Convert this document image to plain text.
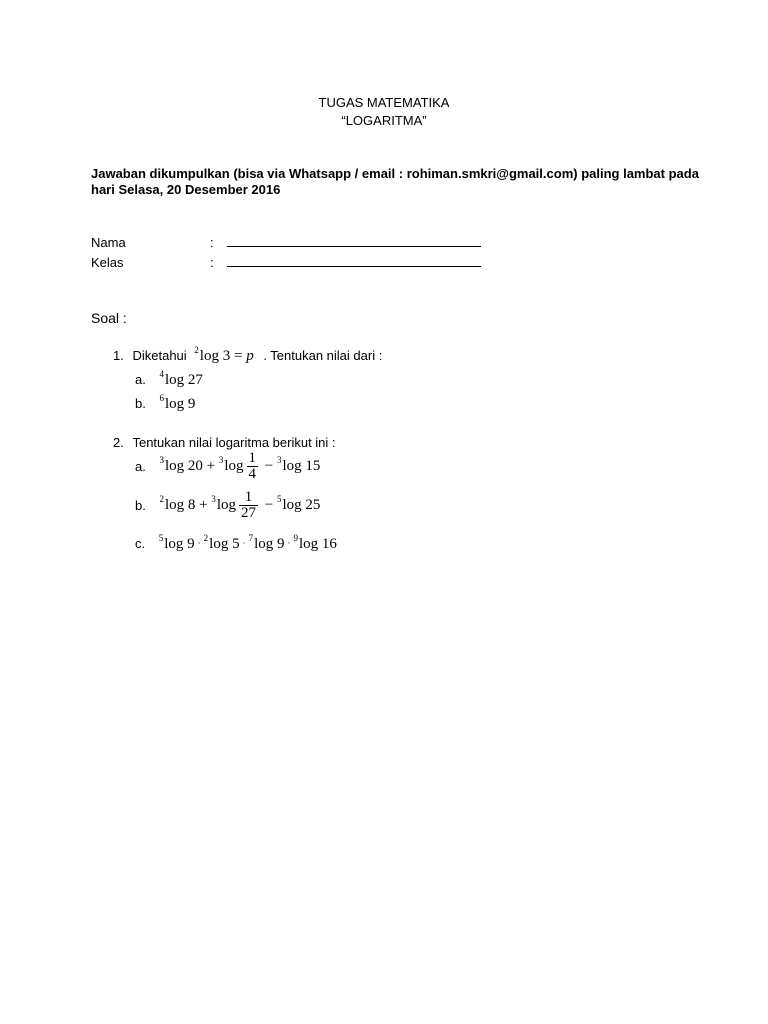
TUGAS MATEMATIKA
“LOGARITMA”
Jawaban dikumpulkan (bisa via Whatsapp / email : rohiman.smkri@gmail.com) paling lambat pada
hari Selasa, 20 Desember 2016
Nama	:
Kelas	:
Soal :
1. Diketahui $^2$log 3 = p . Tentukan nilai dari :
a. $^4$log 27
b. $^6$log 9
2. Tentukan nilai logaritma berikut ini :
a. $^3$log $20 + ^3\log \frac{1}{4} - ^3\log$ 15
b. $^2$log $8 + ^3\log \frac{1}{27} - ^5\log$ 25
c. $^5$log 9 · $^2$log 5 · $^7$log 9 · $^9$log 16
